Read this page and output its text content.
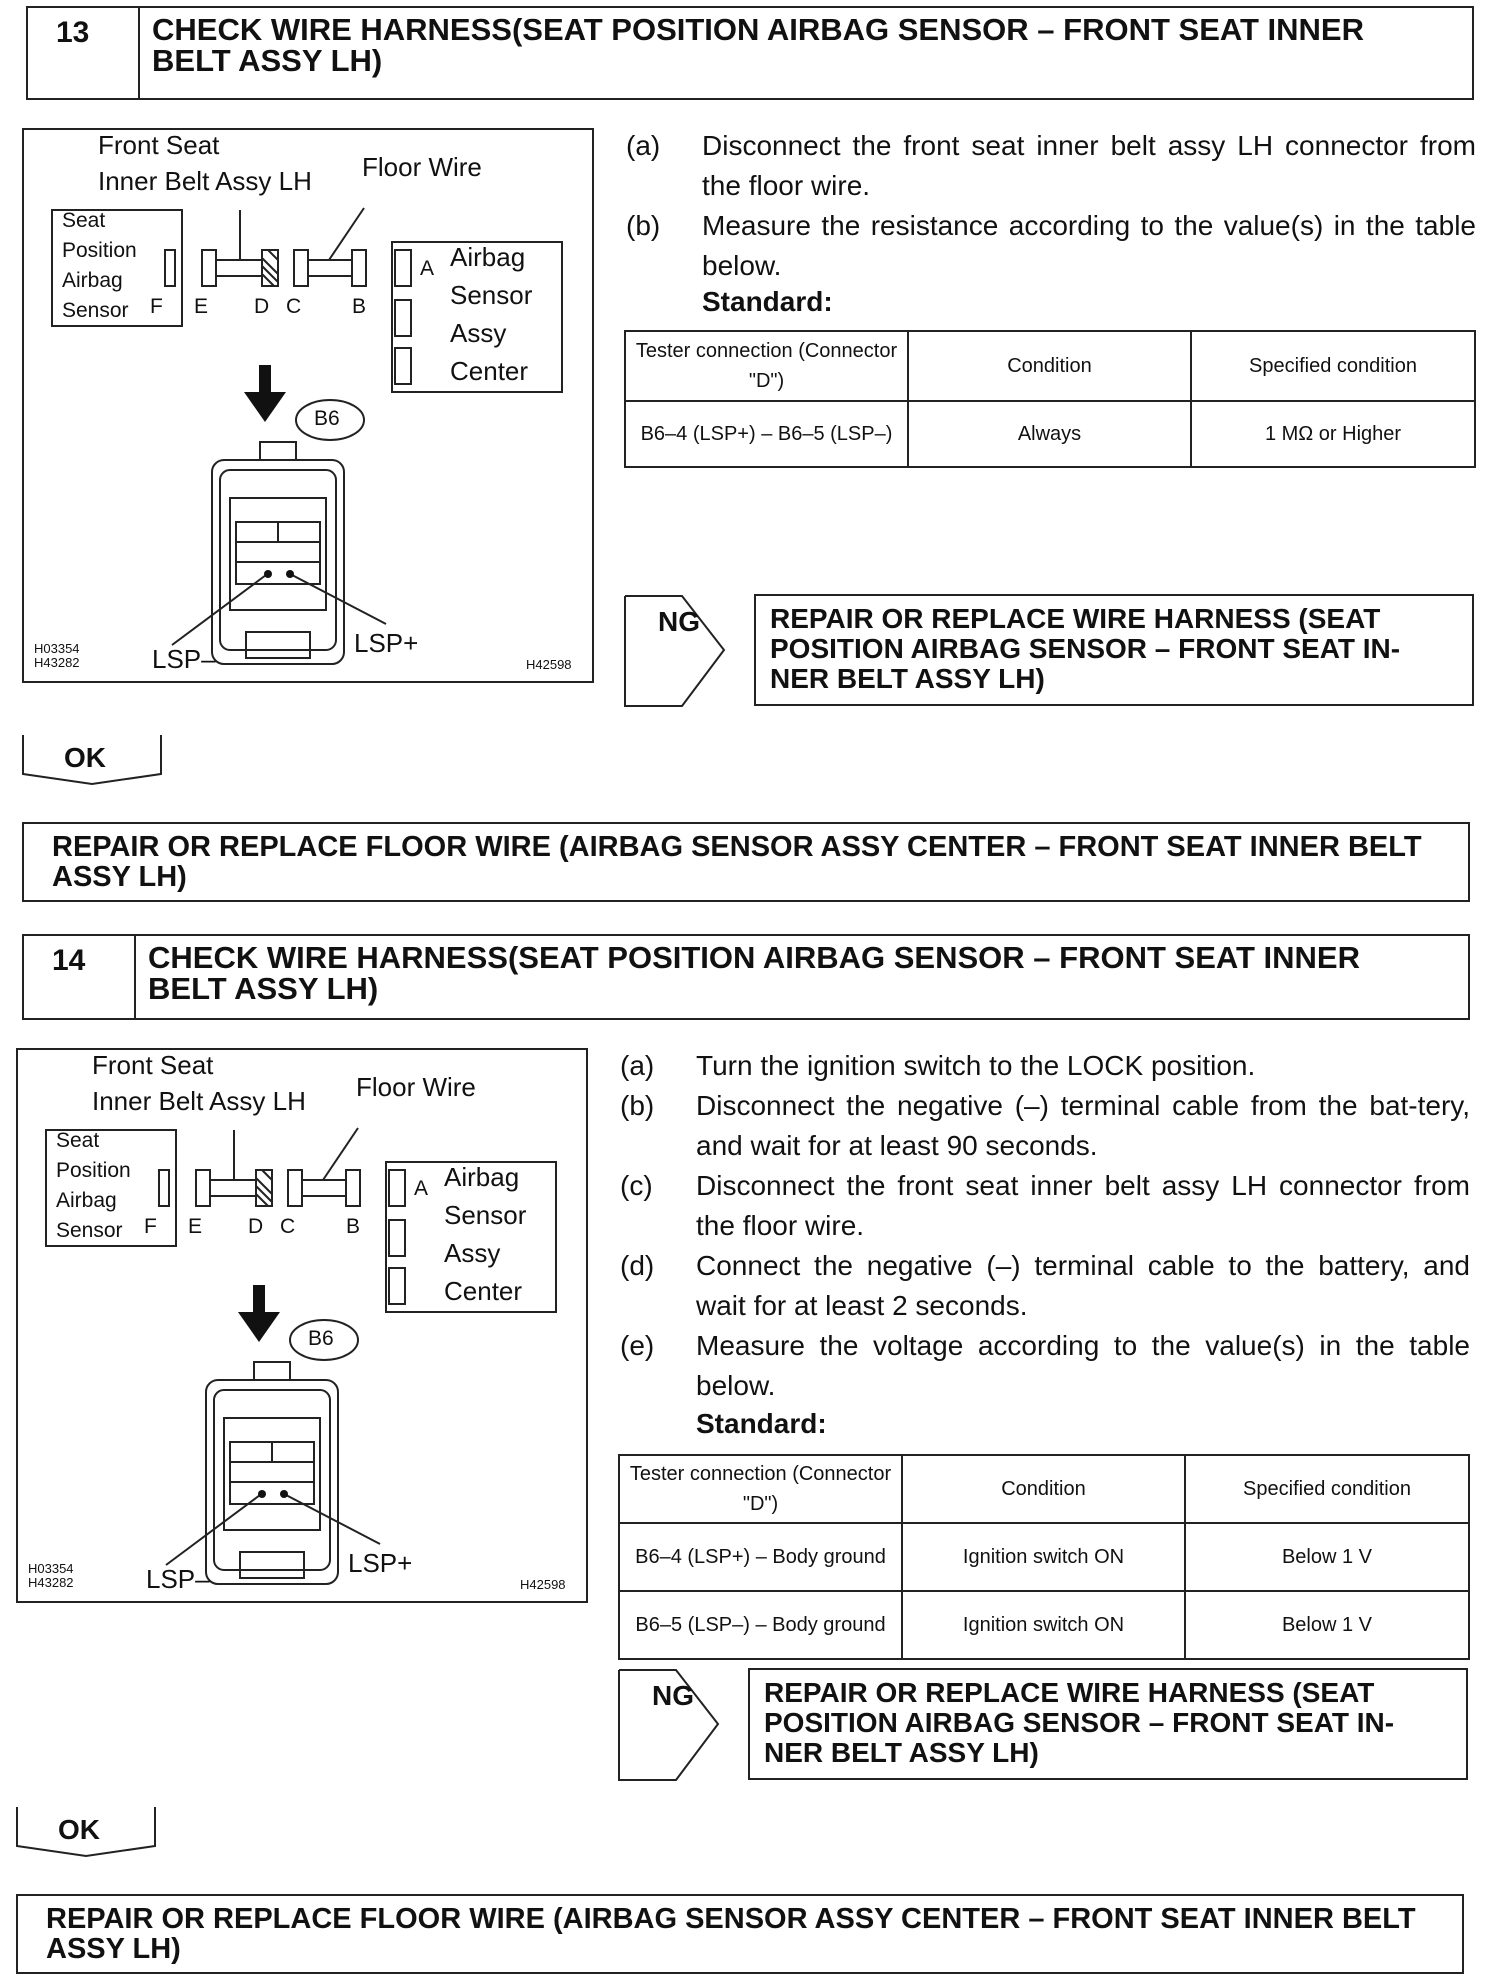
13	CHECK WIRE HARNESS(SEAT POSITION AIRBAG SENSOR – FRONT SEAT INNER BELT ASSY LH)
Front Seat
Inner Belt Assy LH Floor Wire
Seat
Position
Airbag
Sensor F E D C B
A Airbag
Sensor
Assy
Center
B6
LSP–
LSP+
H03354
H43282	H42598
(a)	Disconnect the front seat inner belt assy LH connector from the floor wire.
(b)	Measure the resistance according to the value(s) in the table below.
Standard:
Tester connection (Connector "D")	Condition	Specified condition
B6–4 (LSP+) – B6–5 (LSP–)	Always	1 MΩ or Higher
NG	REPAIR OR REPLACE WIRE HARNESS (SEAT POSITION AIRBAG SENSOR – FRONT SEAT IN-NER BELT ASSY LH)
OK
REPAIR OR REPLACE FLOOR WIRE (AIRBAG SENSOR ASSY CENTER – FRONT SEAT INNER BELT ASSY LH)
14	CHECK WIRE HARNESS(SEAT POSITION AIRBAG SENSOR – FRONT SEAT INNER BELT ASSY LH)
Front Seat
Inner Belt Assy LH Floor Wire
Seat
Position
Airbag
Sensor F E D C B
A Airbag
Sensor
Assy
Center
B6
LSP–
LSP+
H03354
H43282	H42598
(a)	Turn the ignition switch to the LOCK position.
(b)	Disconnect the negative (–) terminal cable from the bat-tery, and wait for at least 90 seconds.
(c)	Disconnect the front seat inner belt assy LH connector from the floor wire.
(d)	Connect the negative (–) terminal cable to the battery, and wait for at least 2 seconds.
(e)	Measure the voltage according to the value(s) in the table below.
Standard:
Tester connection (Connector "D")	Condition	Specified condition
B6–4 (LSP+) – Body ground	Ignition switch ON	Below 1 V
B6–5 (LSP–) – Body ground	Ignition switch ON	Below 1 V
NG	REPAIR OR REPLACE WIRE HARNESS (SEAT POSITION AIRBAG SENSOR – FRONT SEAT IN-NER BELT ASSY LH)
OK
REPAIR OR REPLACE FLOOR WIRE (AIRBAG SENSOR ASSY CENTER – FRONT SEAT INNER BELT ASSY LH)
